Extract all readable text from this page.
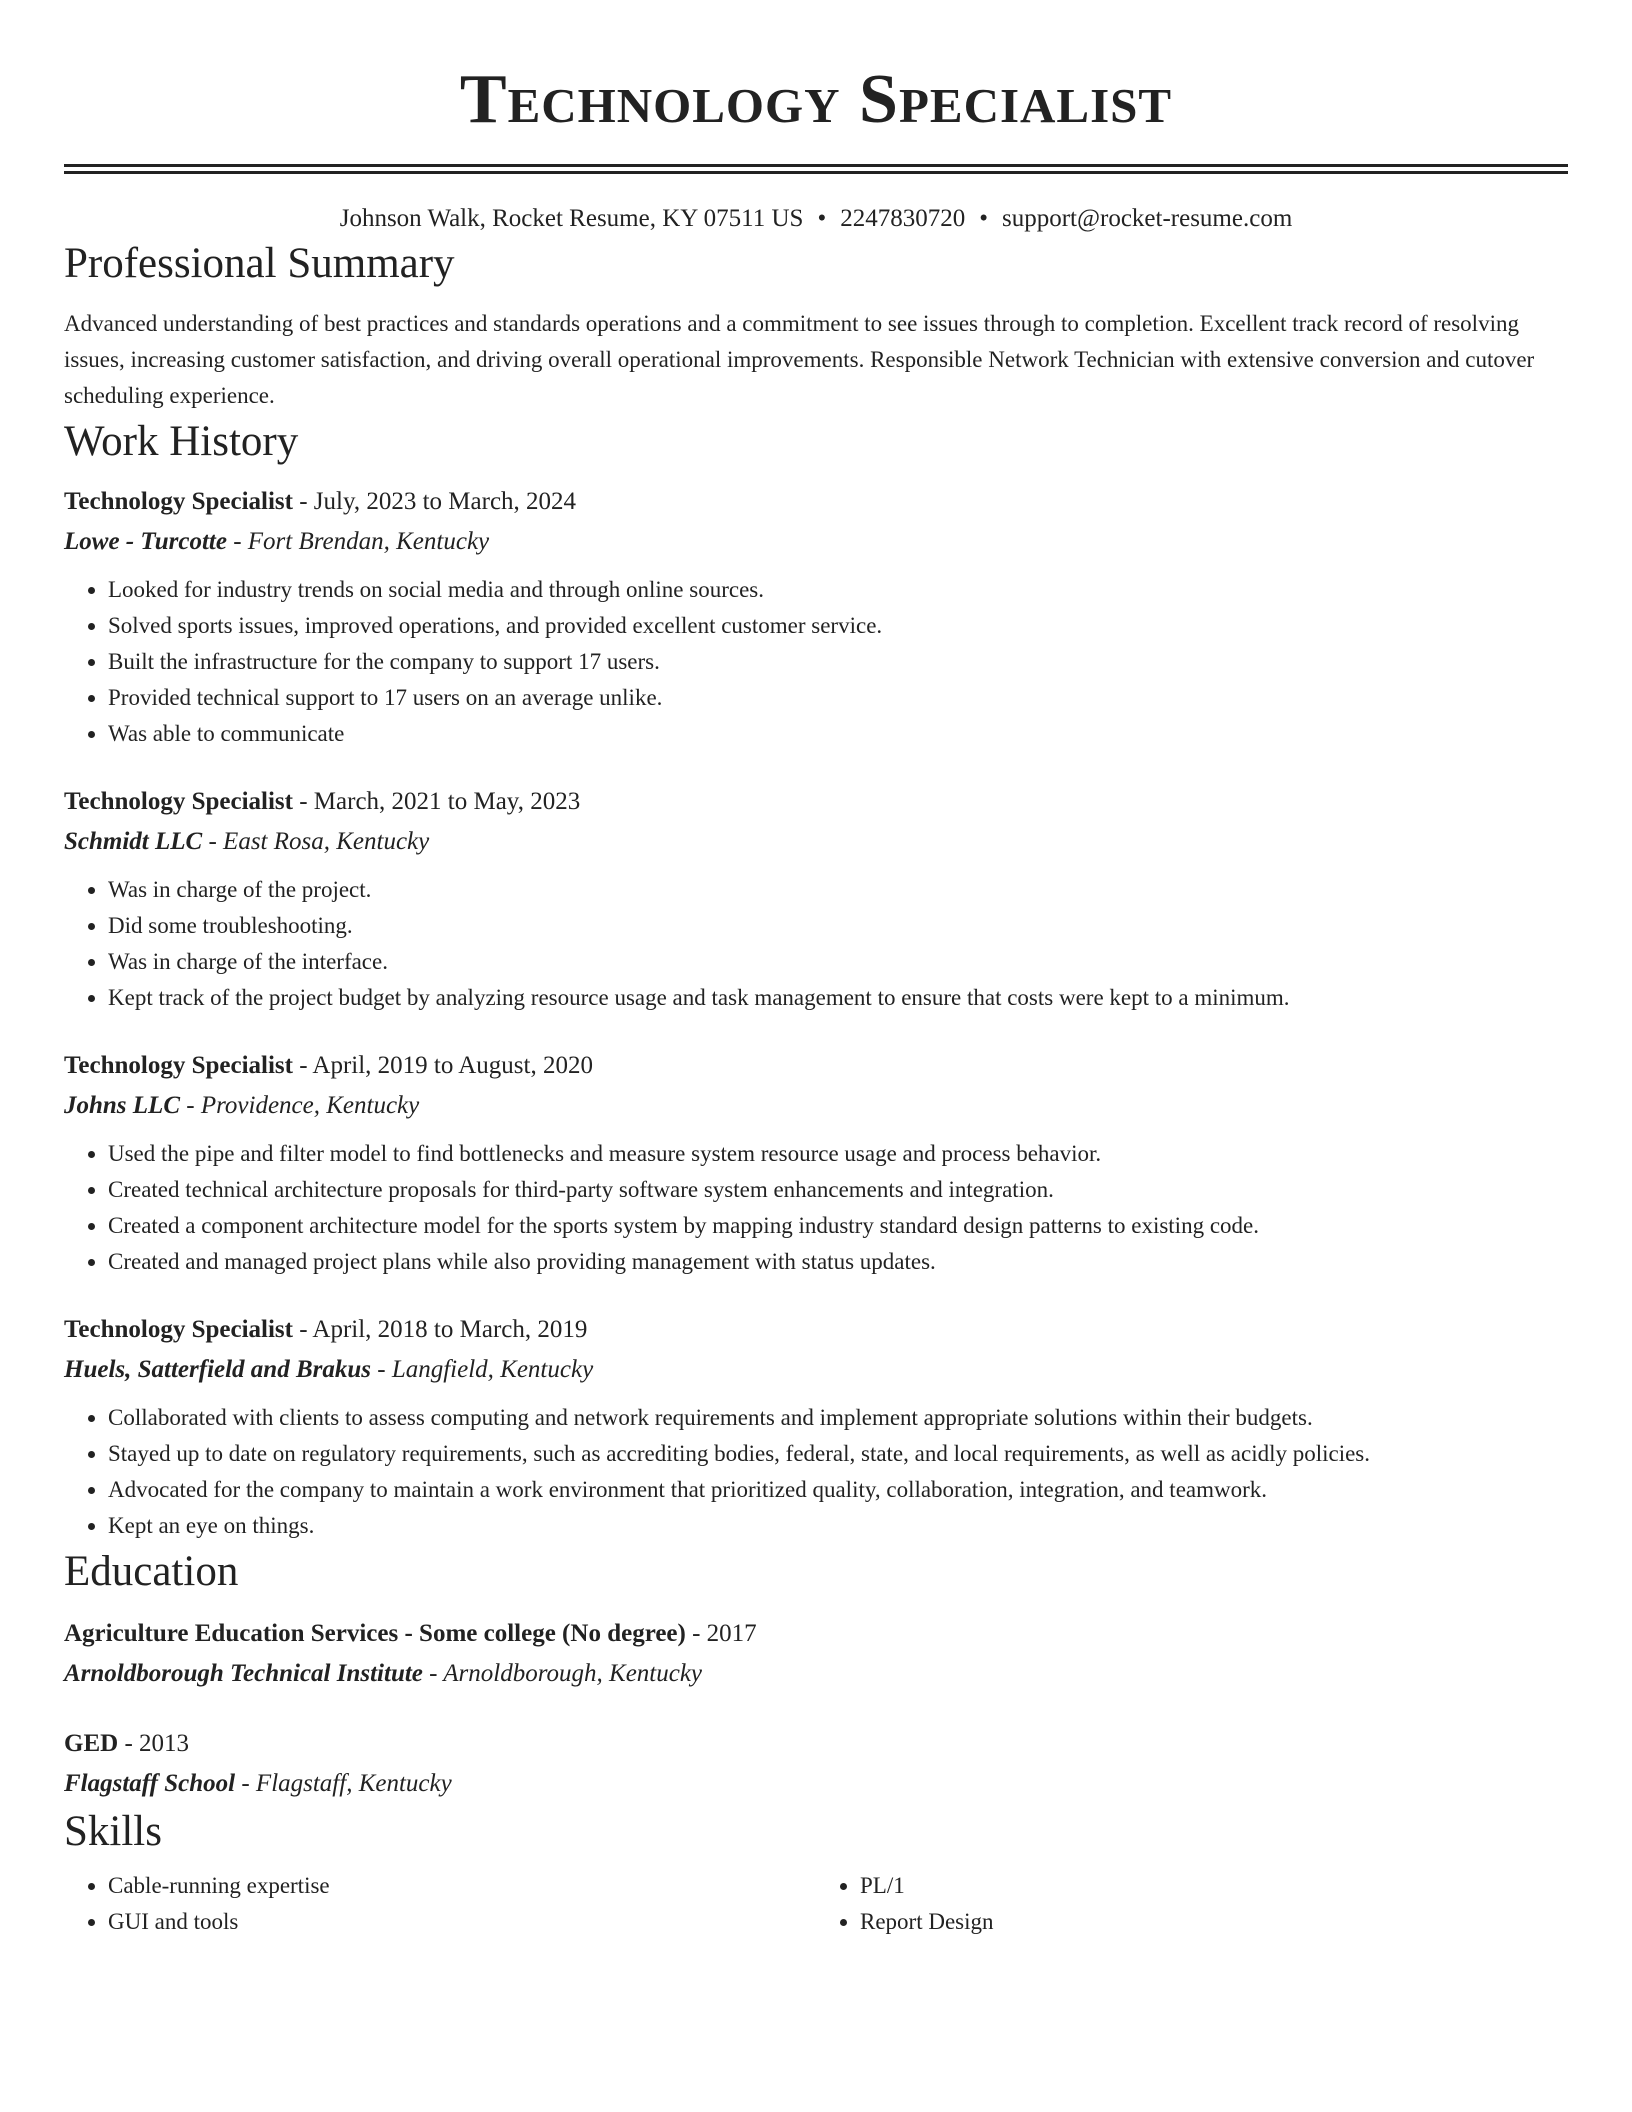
Technology Specialist
Johnson Walk, Rocket Resume, KY 07511 US • 2247830720 • support@rocket-resume.com
Professional Summary

Advanced understanding of best practices and standards operations and a commitment to see issues through to completion. Excellent track record of resolving issues, increasing customer satisfaction, and driving overall operational improvements. Responsible Network Technician with extensive conversion and cutover scheduling experience.

Work History
Technology Specialist - July, 2023 to March, 2024
Lowe - Turcotte - Fort Brendan, Kentucky
• Looked for industry trends on social media and through online sources.
• Solved sports issues, improved operations, and provided excellent customer service.
• Built the infrastructure for the company to support 17 users.
• Provided technical support to 17 users on an average unlike.
• Was able to communicate
Technology Specialist - March, 2021 to May, 2023
Schmidt LLC - East Rosa, Kentucky
• Was in charge of the project.
• Did some troubleshooting.
• Was in charge of the interface.
• Kept track of the project budget by analyzing resource usage and task management to ensure that costs were kept to a minimum.
Technology Specialist - April, 2019 to August, 2020
Johns LLC - Providence, Kentucky
• Used the pipe and filter model to find bottlenecks and measure system resource usage and process behavior.
• Created technical architecture proposals for third-party software system enhancements and integration.
• Created a component architecture model for the sports system by mapping industry standard design patterns to existing code.
• Created and managed project plans while also providing management with status updates.
Technology Specialist - April, 2018 to March, 2019
Huels, Satterfield and Brakus - Langfield, Kentucky
• Collaborated with clients to assess computing and network requirements and implement appropriate solutions within their budgets.
• Stayed up to date on regulatory requirements, such as accrediting bodies, federal, state, and local requirements, as well as acidly policies.
• Advocated for the company to maintain a work environment that prioritized quality, collaboration, integration, and teamwork.
• Kept an eye on things.
Education
Agriculture Education Services - Some college (No degree) - 2017
Arnoldborough Technical Institute - Arnoldborough, Kentucky
GED - 2013
Flagstaff School - Flagstaff, Kentucky
Skills
• Cable-running expertise
• GUI and tools
• PL/1
• Report Design
